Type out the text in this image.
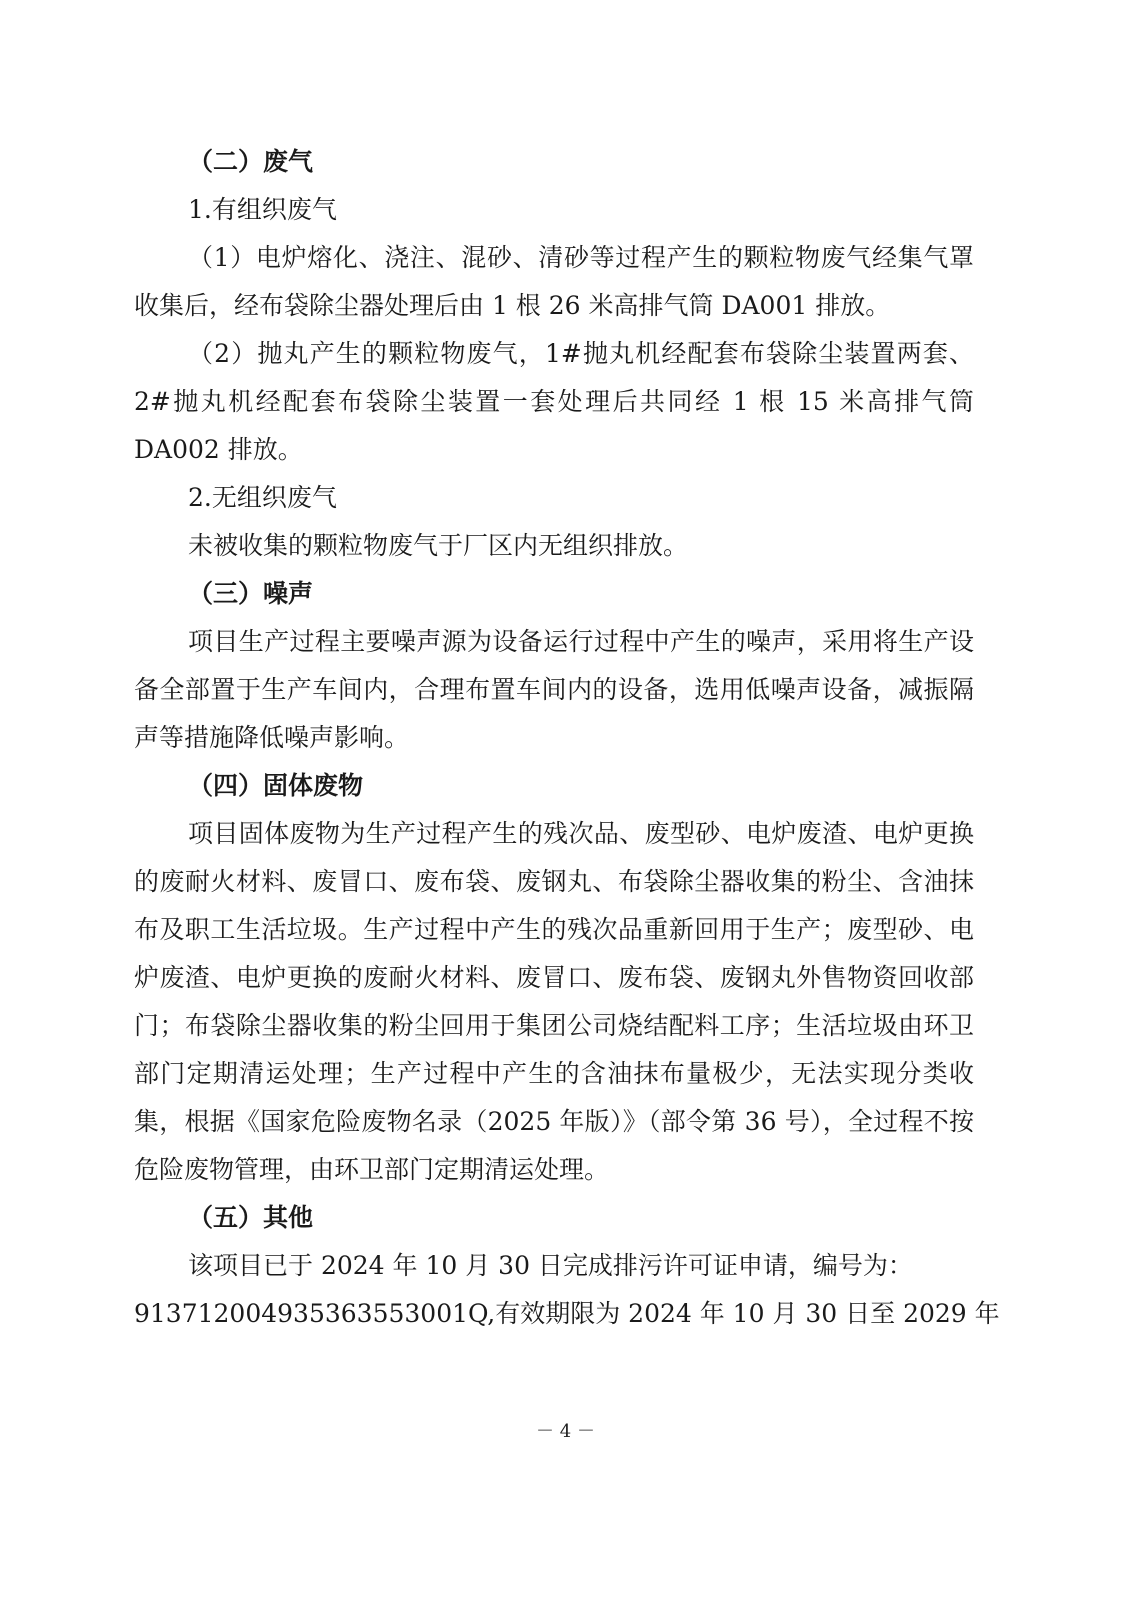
（二）废气

1.有组织废气

（1）电炉熔化、浇注、混砂、清砂等过程产生的颗粒物废气经集气罩收集后，经布袋除尘器处理后由 1 根 26 米高排气筒 DA001 排放。

（2）抛丸产生的颗粒物废气，1#抛丸机经配套布袋除尘装置两套、2#抛丸机经配套布袋除尘装置一套处理后共同经 1 根 15 米高排气筒 DA002 排放。

2.无组织废气

未被收集的颗粒物废气于厂区内无组织排放。

（三）噪声

项目生产过程主要噪声源为设备运行过程中产生的噪声，采用将生产设备全部置于生产车间内，合理布置车间内的设备，选用低噪声设备，减振隔声等措施降低噪声影响。

（四）固体废物

项目固体废物为生产过程产生的残次品、废型砂、电炉废渣、电炉更换的废耐火材料、废冒口、废布袋、废钢丸、布袋除尘器收集的粉尘、含油抹布及职工生活垃圾。生产过程中产生的残次品重新回用于生产；废型砂、电炉废渣、电炉更换的废耐火材料、废冒口、废布袋、废钢丸外售物资回收部门；布袋除尘器收集的粉尘回用于集团公司烧结配料工序；生活垃圾由环卫部门定期清运处理；生产过程中产生的含油抹布量极少，无法实现分类收集，根据《国家危险废物名录（2025 年版）》（部令第 36 号），全过程不按危险废物管理，由环卫部门定期清运处理。

（五）其他

该项目已于 2024 年 10 月 30 日完成排污许可证申请，编号为：

913712004935363553001Q,有效期限为 2024 年 10 月 30 日至 2029 年

－ 4 －
